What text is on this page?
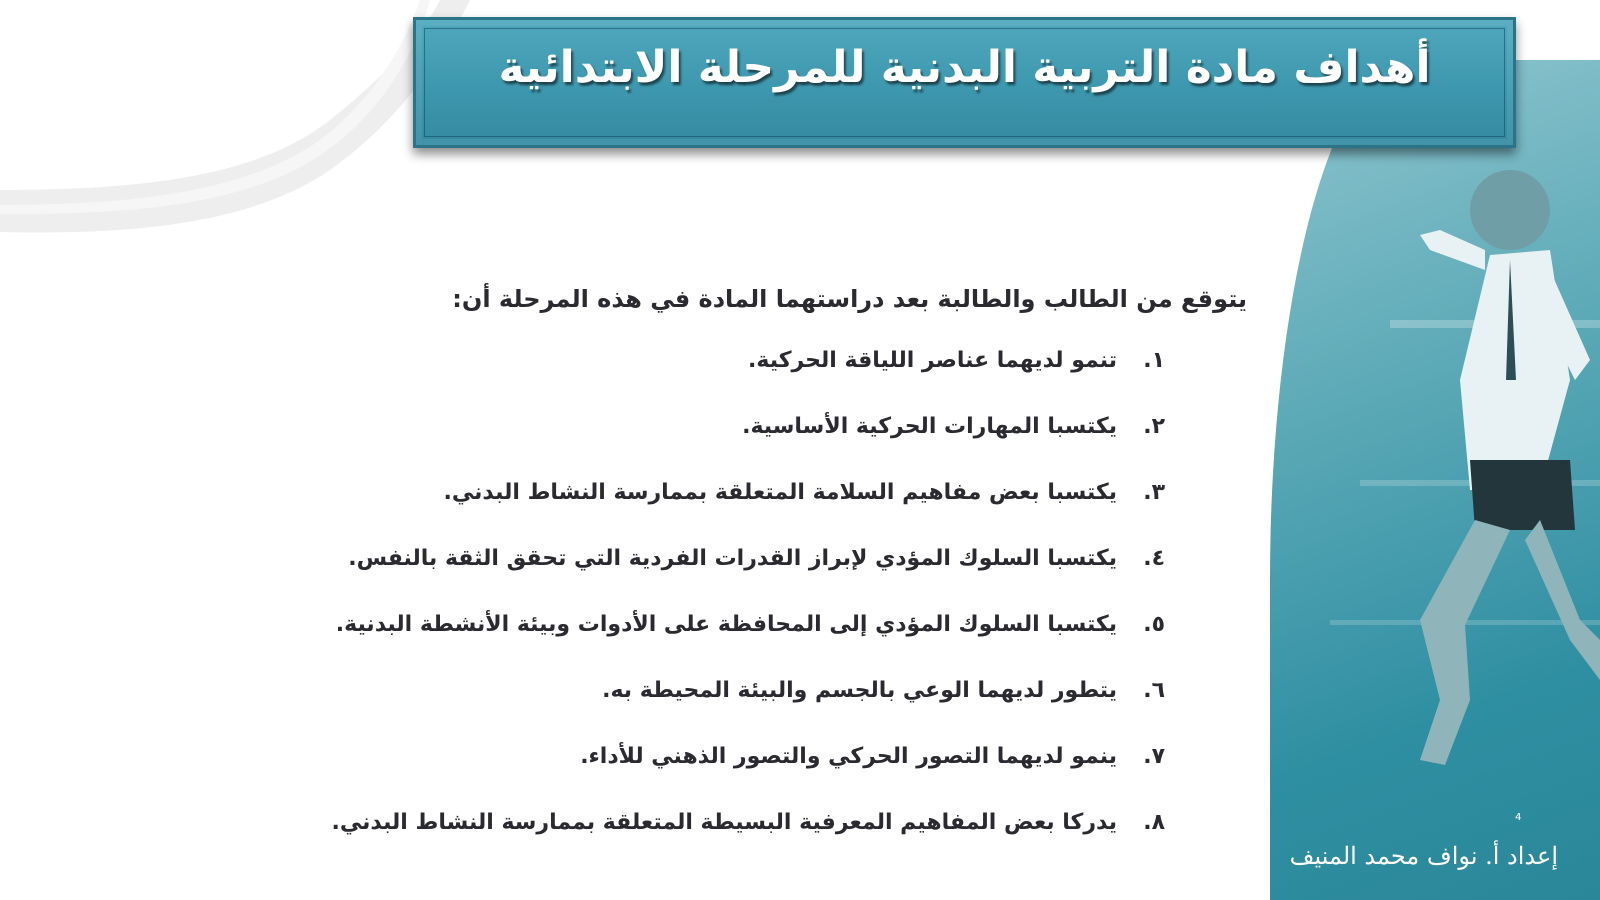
أهداف مادة التربية البدنية للمرحلة الابتدائية

يتوقع من الطالب والطالبة بعد دراستهما المادة في هذه المرحلة أن:

١.
تنمو لديهما عناصر اللياقة الحركية.
٢.
يكتسبا المهارات الحركية الأساسية.
٣.
يكتسبا بعض مفاهيم السلامة المتعلقة بممارسة النشاط البدني.
٤.
يكتسبا السلوك المؤدي لإبراز القدرات الفردية التي تحقق الثقة بالنفس.
٥.
يكتسبا السلوك المؤدي إلى المحافظة على الأدوات وبيئة الأنشطة البدنية.
٦.
يتطور لديهما الوعي بالجسم والبيئة المحيطة به.
٧.
ينمو لديهما التصور الحركي والتصور الذهني للأداء.
٨.
يدركا بعض المفاهيم المعرفية البسيطة المتعلقة بممارسة النشاط البدني.	4
إعداد أ. نواف محمد المنيف
